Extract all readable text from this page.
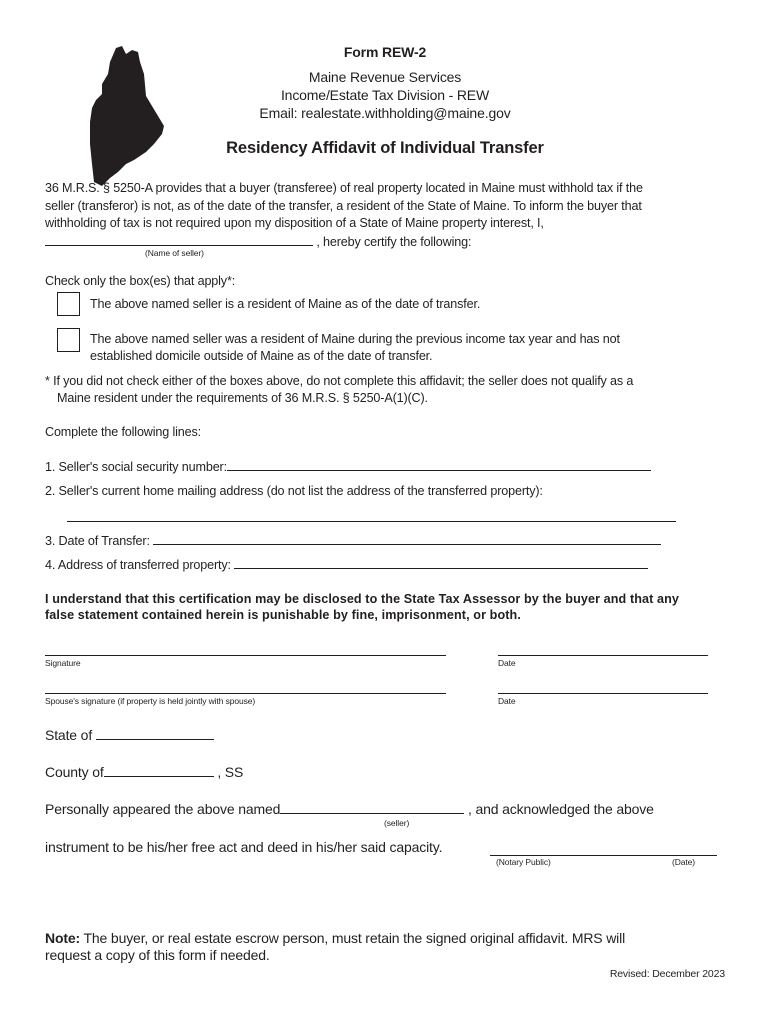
Form REW-2
Maine Revenue Services
Income/Estate Tax Division - REW
Email: realestate.withholding@maine.gov
Residency Affidavit of Individual Transfer
36 M.R.S. § 5250-A provides that a buyer (transferee) of real property located in Maine must withhold tax if the
seller (transferor) is not, as of the date of the transfer, a resident of the State of Maine. To inform the buyer that
withholding of tax is not required upon my disposition of a State of Maine property interest, I,
, hereby certify the following:
(Name of seller)
Check only the box(es) that apply*:
The above named seller is a resident of Maine as of the date of transfer.
The above named seller was a resident of Maine during the previous income tax year and has not
established domicile outside of Maine as of the date of transfer.
* If you did not check either of the boxes above, do not complete this affidavit; the seller does not qualify as a
Maine resident under the requirements of 36 M.R.S. § 5250-A(1)(C).
Complete the following lines:
1. Seller's social security number:
2. Seller's current home mailing address (do not list the address of the transferred property):
3. Date of Transfer:
4. Address of transferred property:
I understand that this certification may be disclosed to the State Tax Assessor by the buyer and that any
false statement contained herein is punishable by fine, imprisonment, or both.
Signature	Date
Spouse's signature (if property is held jointly with spouse)	Date
State of
County of	, SS
Personally appeared the above named	, and acknowledged the above
(seller)
instrument to be his/her free act and deed in his/her said capacity.
(Notary Public)	(Date)
Note: The buyer, or real estate escrow person, must retain the signed original affidavit. MRS will
request a copy of this form if needed.
Revised: December 2023
